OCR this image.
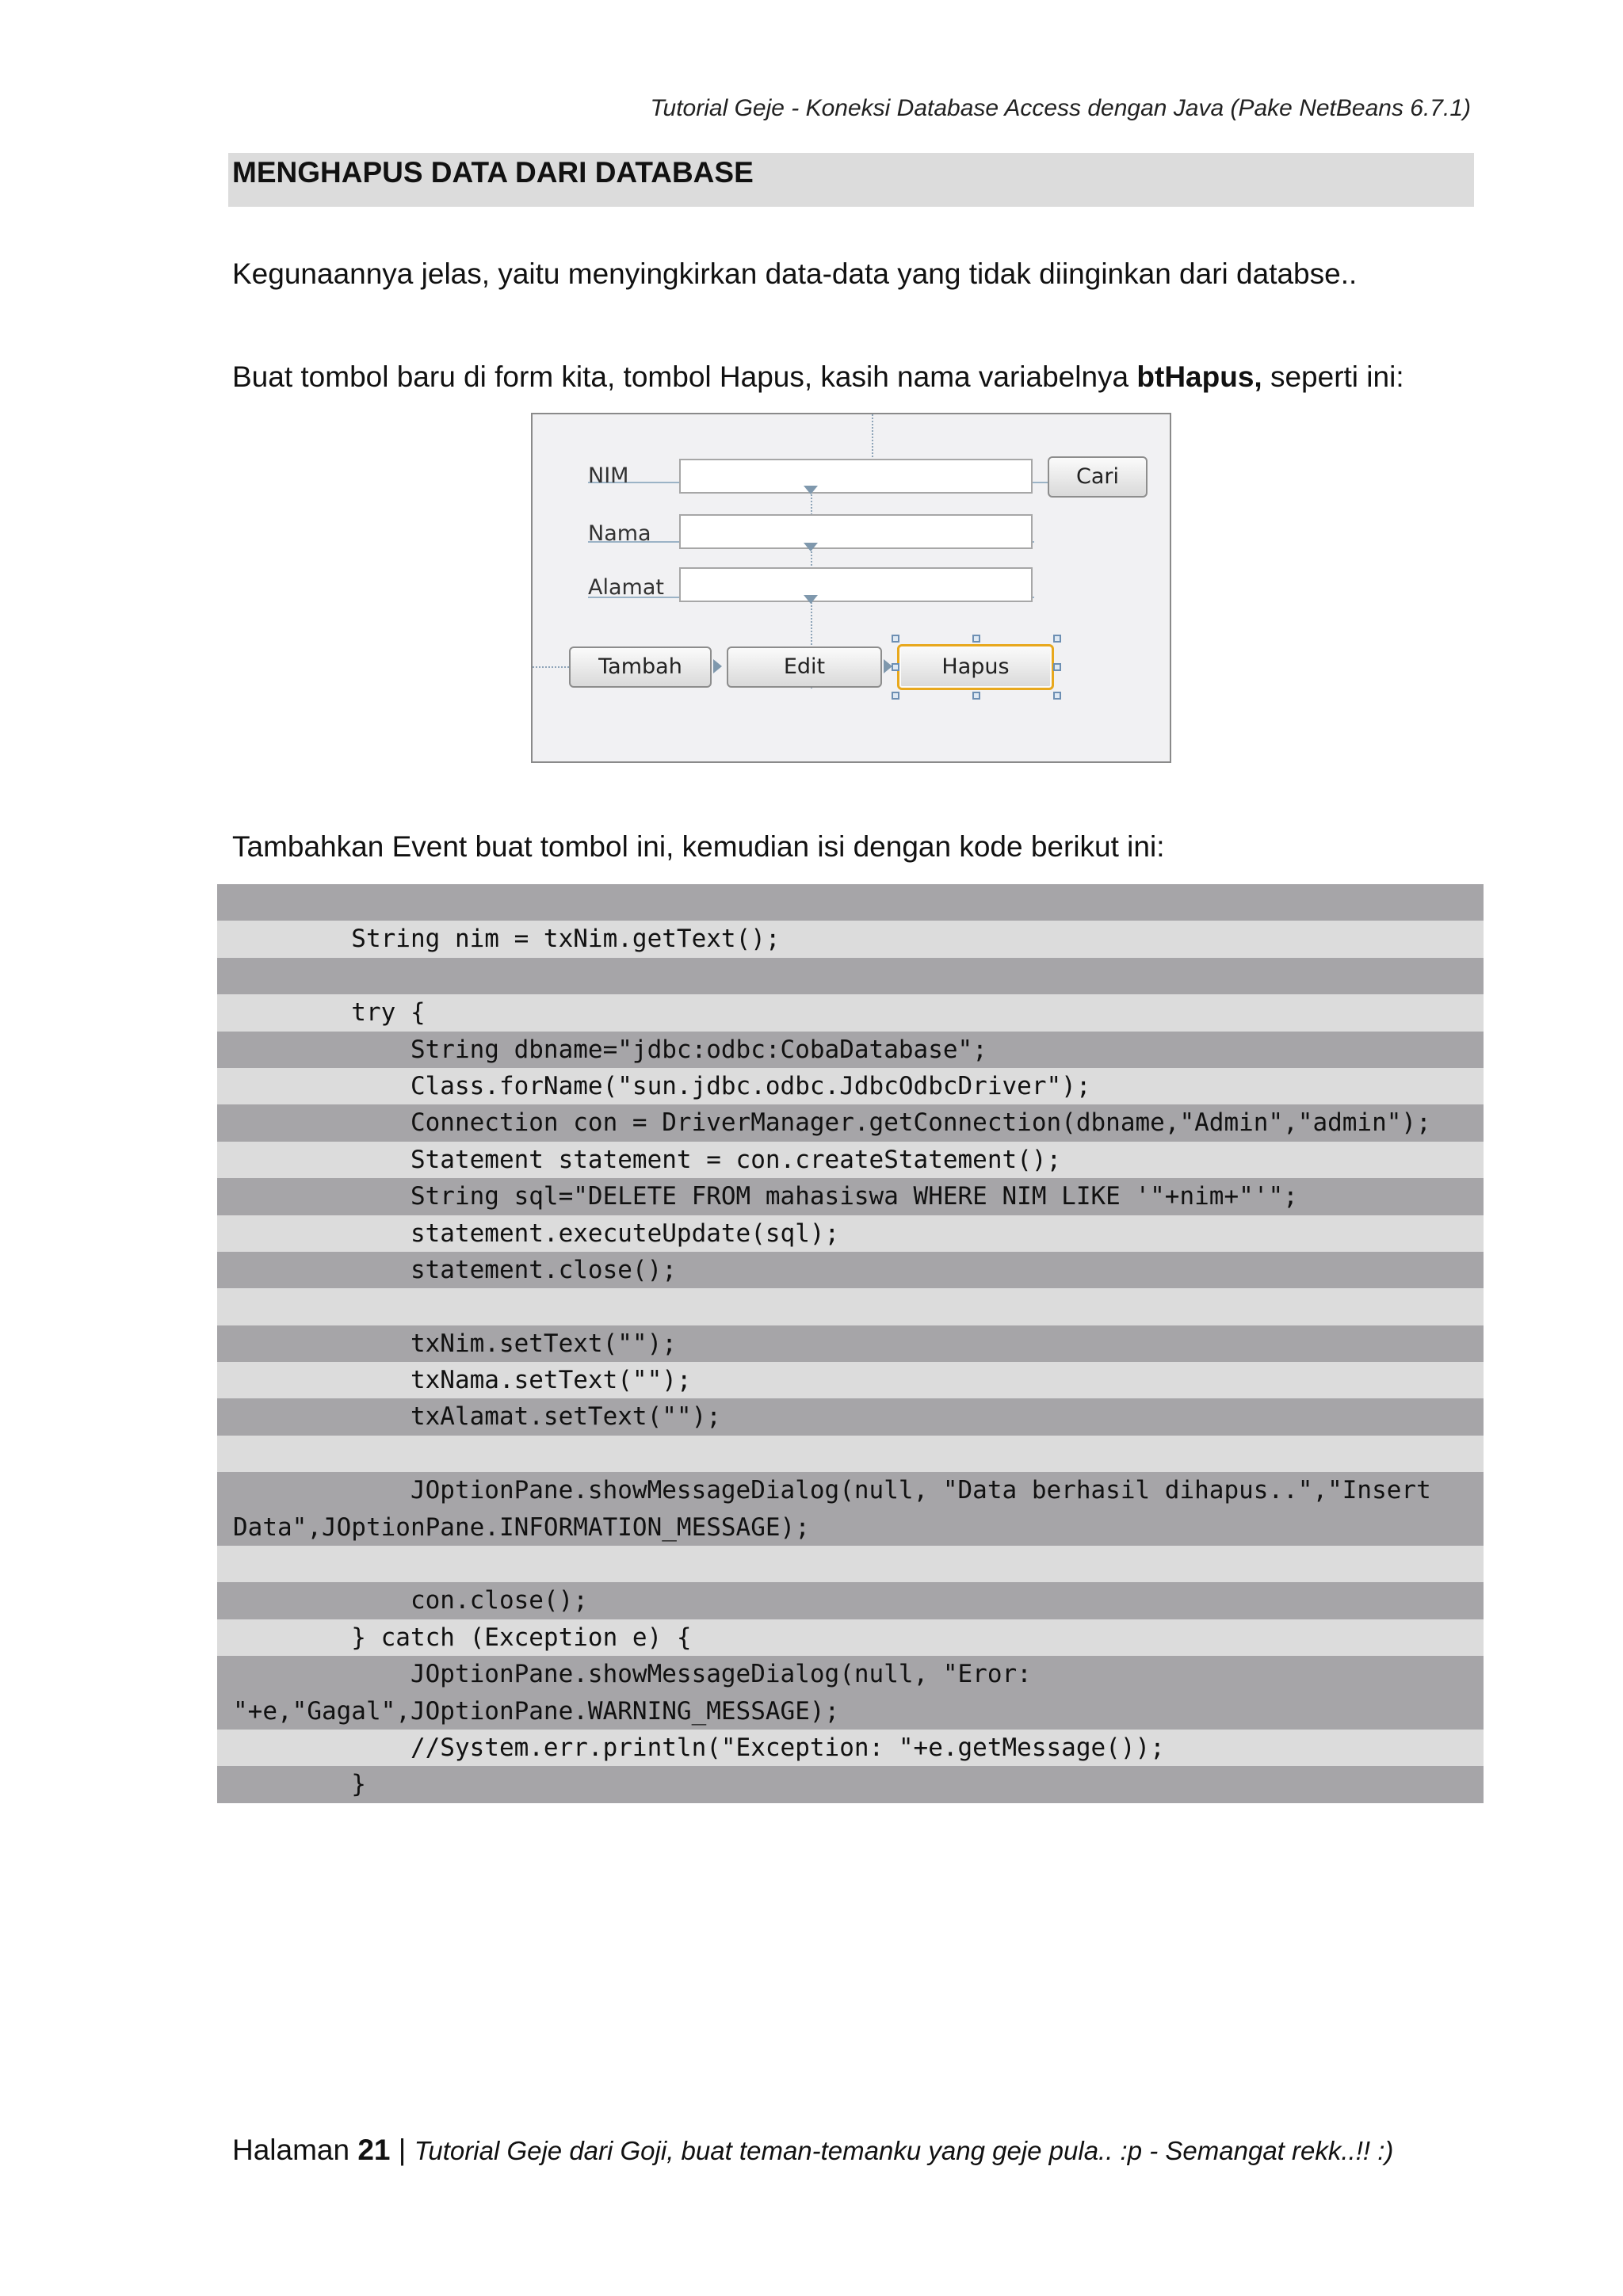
Tutorial Geje - Koneksi Database Access dengan Java (Pake NetBeans 6.7.1)
MENGHAPUS DATA DARI DATABASE
Kegunaannya jelas, yaitu menyingkirkan data-data yang tidak diinginkan dari databse..
Buat tombol baru di form kita, tombol Hapus, kasih nama variabelnya btHapus, seperti ini:
NIM
Nama
Alamat
Cari
Tambah	Edit	Hapus
Tambahkan Event buat tombol ini, kemudian isi dengan kode berikut ini:
String nim = txNim.getText();
try {
String dbname="jdbc:odbc:CobaDatabase";
Class.forName("sun.jdbc.odbc.JdbcOdbcDriver");
Connection con = DriverManager.getConnection(dbname,"Admin","admin");
Statement statement = con.createStatement();
String sql="DELETE FROM mahasiswa WHERE NIM LIKE '"+nim+"'";
statement.executeUpdate(sql);
statement.close();
txNim.setText("");
txNama.setText("");
txAlamat.setText("");
JOptionPane.showMessageDialog(null, "Data berhasil dihapus..","Insert
Data",JOptionPane.INFORMATION_MESSAGE);
con.close();
} catch (Exception e) {
JOptionPane.showMessageDialog(null, "Eror:
"+e,"Gagal",JOptionPane.WARNING_MESSAGE);
//System.err.println("Exception: "+e.getMessage());
}
Halaman 21 | Tutorial Geje dari Goji, buat teman-temanku yang geje pula.. :p - Semangat rekk..!! :)
